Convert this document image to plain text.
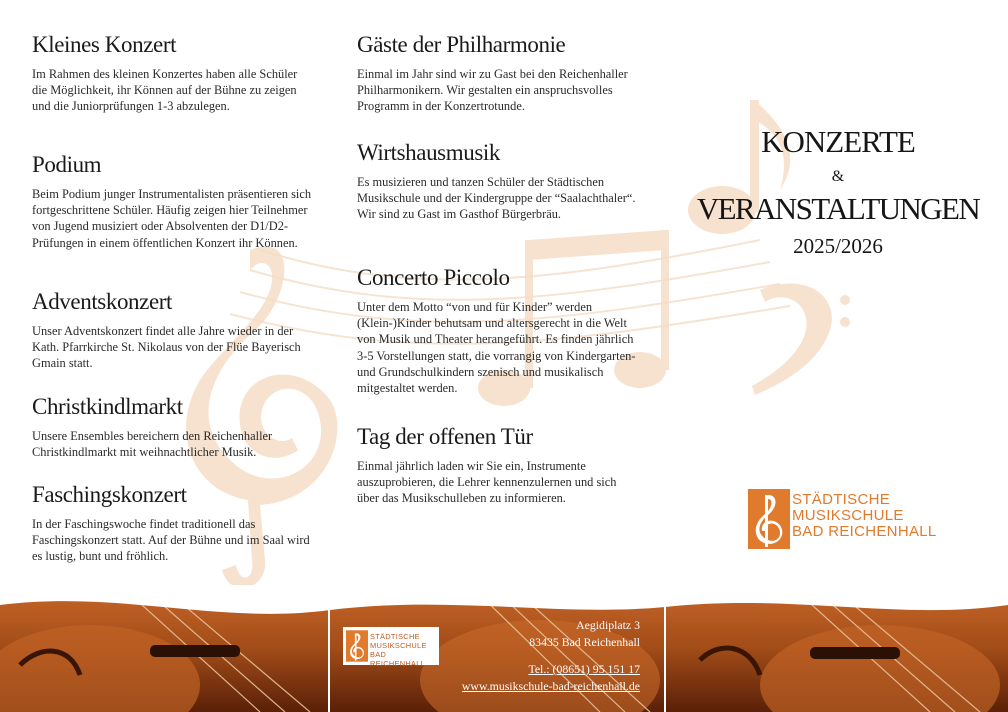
Kleines Konzert

Im Rahmen des kleinen Konzertes haben alle Schüler die Möglichkeit, ihr Können auf der Bühne zu zeigen und die Juniorprüfungen 1-3 abzulegen.

Podium

Beim Podium junger Instrumentalisten präsentieren sich fortgeschrittene Schüler. Häufig zeigen hier Teilnehmer von Jugend musiziert oder Absolventen der D1/D2- Prüfungen in einem öffentlichen Konzert ihr Können.

Adventskonzert

Unser Adventskonzert findet alle Jahre wieder in der Kath. Pfarrkirche St. Nikolaus von der Flüe Bayerisch Gmain statt.

Christkindlmarkt

Unsere Ensembles bereichern den Reichenhaller Christkindlmarkt mit weihnachtlicher Musik.

Faschingskonzert

In der Faschingswoche findet traditionell das Faschingskonzert statt. Auf der Bühne und im Saal wird es lustig, bunt und fröhlich.

Gäste der Philharmonie

Einmal im Jahr sind wir zu Gast bei den Reichenhaller Philharmonikern. Wir gestalten ein anspruchsvolles Programm in der Konzertrotunde.

Wirtshausmusik

Es musizieren und tanzen Schüler der Städtischen Musikschule und der Kindergruppe der “Saalachthaler“. Wir sind zu Gast im Gasthof Bürgerbräu.

Concerto Piccolo

Unter dem Motto “von und für Kinder” werden (Klein-)Kinder behutsam und altersgerecht in die Welt von Musik und Theater herangeführt. Es finden jährlich 3-5 Vorstellungen statt, die vorrangig von Kindergarten- und Grundschulkindern szenisch und musikalisch mitgestaltet werden.

Tag der offenen Tür

Einmal jährlich laden wir Sie ein, Instrumente auszuprobieren, die Lehrer kennenzulernen und sich über das Musikschulleben zu informieren.

KONZERTE
&
VERANSTALTUNGEN
2025/2026
STÄDTISCHE
MUSIKSCHULE
BAD REICHENHALL
STÄDTISCHE
MUSIKSCHULE
BAD REICHENHALL
Aegidiplatz 3
83435 Bad Reichenhall
Tel.: (08651) 95 151 17
www.musikschule-bad-reichenhall.de
